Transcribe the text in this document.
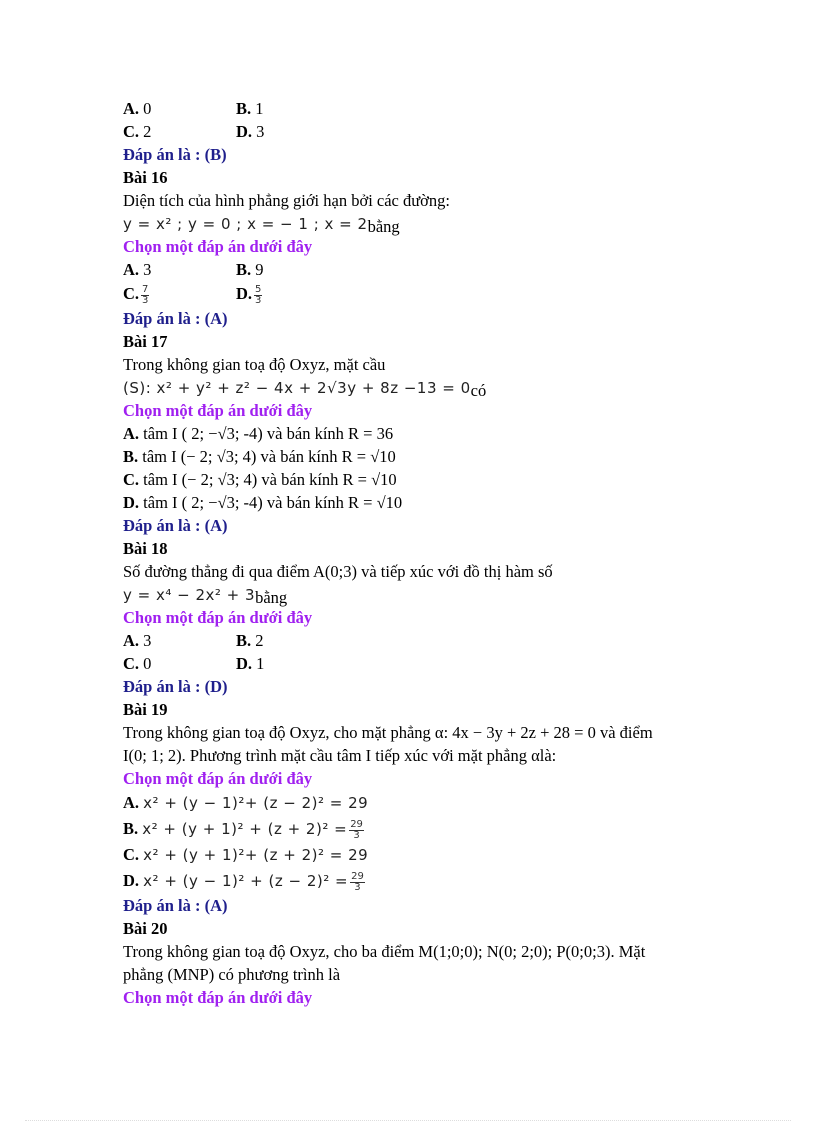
A. 0	B. 1
C. 2	D. 3
Đáp án là : (B)
Bài 16
Diện tích của hình phẳng giới hạn bởi các đường:
y = x² ; y = 0 ; x = − 1 ; x = 2bằng
Chọn một đáp án dưới đây
A. 3	B. 9
C. $\frac{7}{3}$	D. $\frac{5}{3}$
Đáp án là : (A)
Bài 17
Trong không gian toạ độ Oxyz, mặt cầu
(S): x² + y² + z² − 4x + 2√3y + 8z −13 = 0có
Chọn một đáp án dưới đây
A. tâm I ( 2; −√3; -4) và bán kính R = 36
B. tâm I (− 2; √3; 4) và bán kính R = √10
C. tâm I (− 2; √3; 4) và bán kính R = √10
D. tâm I ( 2; −√3; -4) và bán kính R = √10
Đáp án là : (A)
Bài 18
Số đường thẳng đi qua điểm A(0;3) và tiếp xúc với đồ thị hàm số
y = x⁴ − 2x² + 3bằng
Chọn một đáp án dưới đây
A. 3	B. 2
C. 0	D. 1
Đáp án là : (D)
Bài 19
Trong không gian toạ độ Oxyz, cho mặt phẳng α: 4x − 3y + 2z + 28 = 0 và điểm
I(0; 1; 2). Phương trình mặt cầu tâm I tiếp xúc với mặt phẳng αlà:
Chọn một đáp án dưới đây
A. x² + (y − 1)²+ (z − 2)² = 29
B. $x^2 + (y + 1)^2 + (z + 2)^2 = \frac{29}{3}$
C. x² + (y + 1)²+ (z + 2)² = 29
D. $x^2 + (y - 1)^2 + (z - 2)^2 = \frac{29}{3}$
Đáp án là : (A)
Bài 20
Trong không gian toạ độ Oxyz, cho ba điểm M(1;0;0); N(0; 2;0); P(0;0;3). Mặt
phẳng (MNP) có phương trình là
Chọn một đáp án dưới đây
